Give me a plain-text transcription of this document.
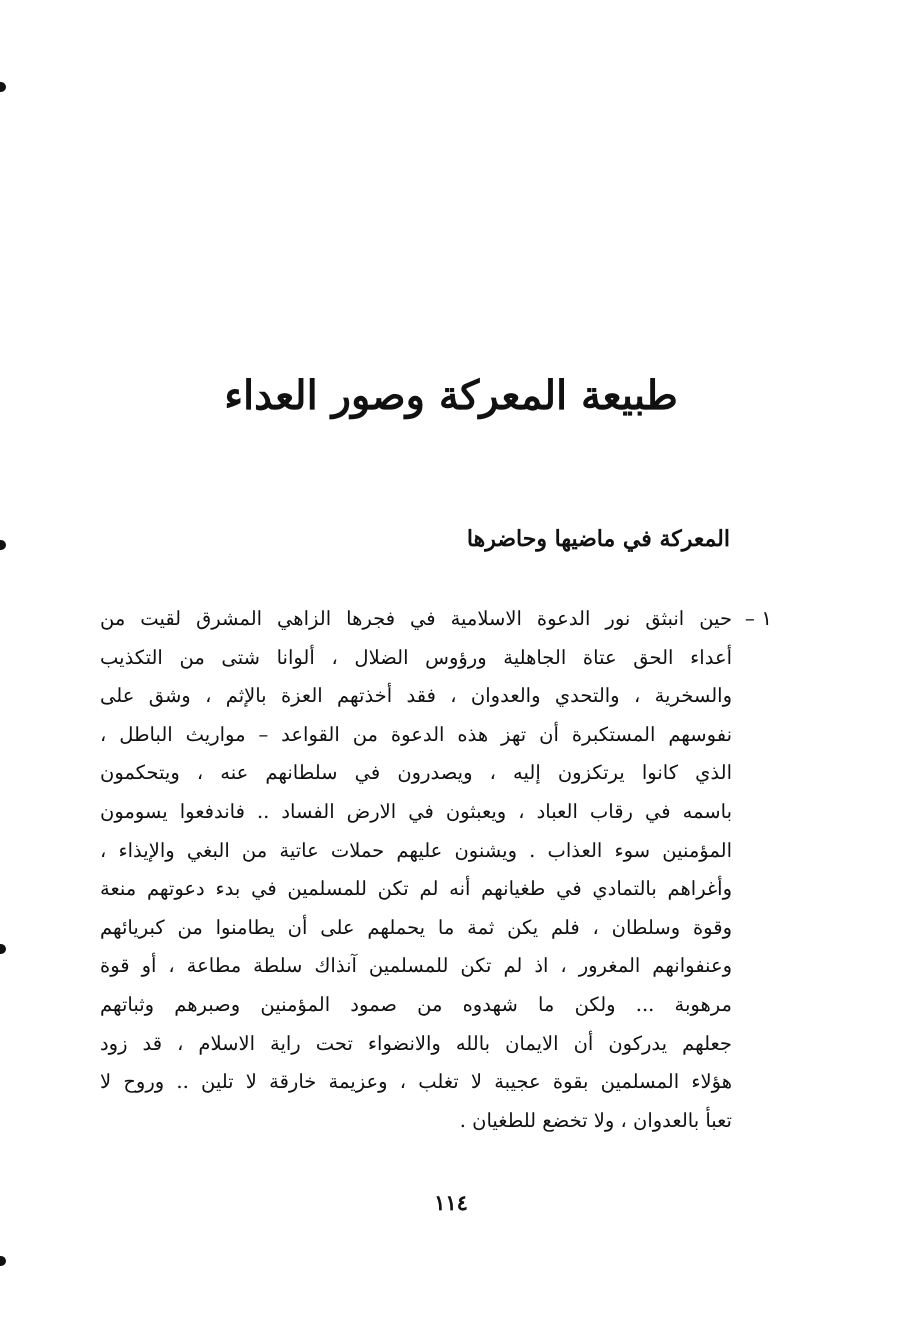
طبيعة المعركة وصور العداء
المعركة في ماضيها وحاضرها
١ –
حين انبثق نور الدعوة الاسلامية في فجرها الزاهي المشرق لقيت من
أعداء الحق عتاة الجاهلية ورؤوس الضلال ، ألوانا شتى من التكذيب
والسخرية ، والتحدي والعدوان ، فقد أخذتهم العزة بالإثم ، وشق على
نفوسهم المستكبرة أن تهز هذه الدعوة من القواعد – مواريث الباطل ،
الذي كانوا يرتكزون إليه ، ويصدرون في سلطانهم عنه ، ويتحكمون
باسمه في رقاب العباد ، ويعبثون في الارض الفساد .. فاندفعوا يسومون
المؤمنين سوء العذاب . ويشنون عليهم حملات عاتية من البغي والإيذاء ،
وأغراهم بالتمادي في طغيانهم أنه لم تكن للمسلمين في بدء دعوتهم منعة
وقوة وسلطان ، فلم يكن ثمة ما يحملهم على أن يطامنوا من كبريائهم
وعنفوانهم المغرور ، اذ لم تكن للمسلمين آنذاك سلطة مطاعة ، أو قوة
مرهوبة ... ولكن ما شهدوه من صمود المؤمنين وصبرهم وثباتهم
جعلهم يدركون أن الايمان بالله والانضواء تحت راية الاسلام ، قد زود
هؤلاء المسلمين بقوة عجيبة لا تغلب ، وعزيمة خارقة لا تلين .. وروح لا
تعبأ بالعدوان ، ولا تخضع للطغيان .
١١٤
